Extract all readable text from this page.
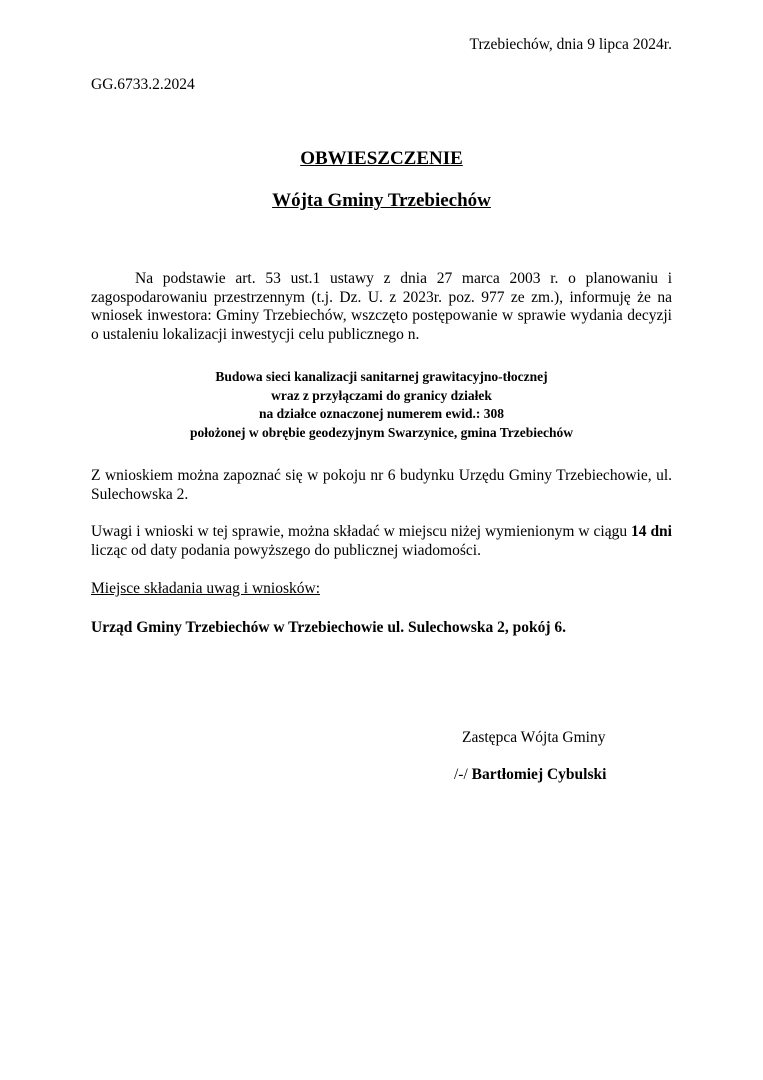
Trzebiechów, dnia 9 lipca 2024r.
GG.6733.2.2024
OBWIESZCZENIE
Wójta Gminy Trzebiechów
Na podstawie art. 53 ust.1 ustawy z dnia 27 marca 2003 r. o planowaniu i zagospodarowaniu przestrzennym (t.j. Dz. U. z 2023r. poz. 977 ze zm.), informuję że na wniosek inwestora: Gminy Trzebiechów, wszczęto postępowanie w sprawie wydania decyzji o ustaleniu lokalizacji inwestycji celu publicznego n.
Budowa sieci kanalizacji sanitarnej grawitacyjno-tłocznej
wraz z przyłączami do granicy działek
na działce oznaczonej numerem ewid.: 308
położonej w obrębie geodezyjnym Swarzynice, gmina Trzebiechów
Z wnioskiem można zapoznać się w pokoju nr 6 budynku Urzędu Gminy Trzebiechowie, ul. Sulechowska 2.
Uwagi i wnioski w tej sprawie, można składać w miejscu niżej wymienionym w ciągu 14 dni licząc od daty podania powyższego do publicznej wiadomości.
Miejsce składania uwag i wniosków:
Urząd Gminy Trzebiechów w Trzebiechowie ul. Sulechowska 2, pokój 6.
Zastępca Wójta Gminy
/-/ Bartłomiej Cybulski
